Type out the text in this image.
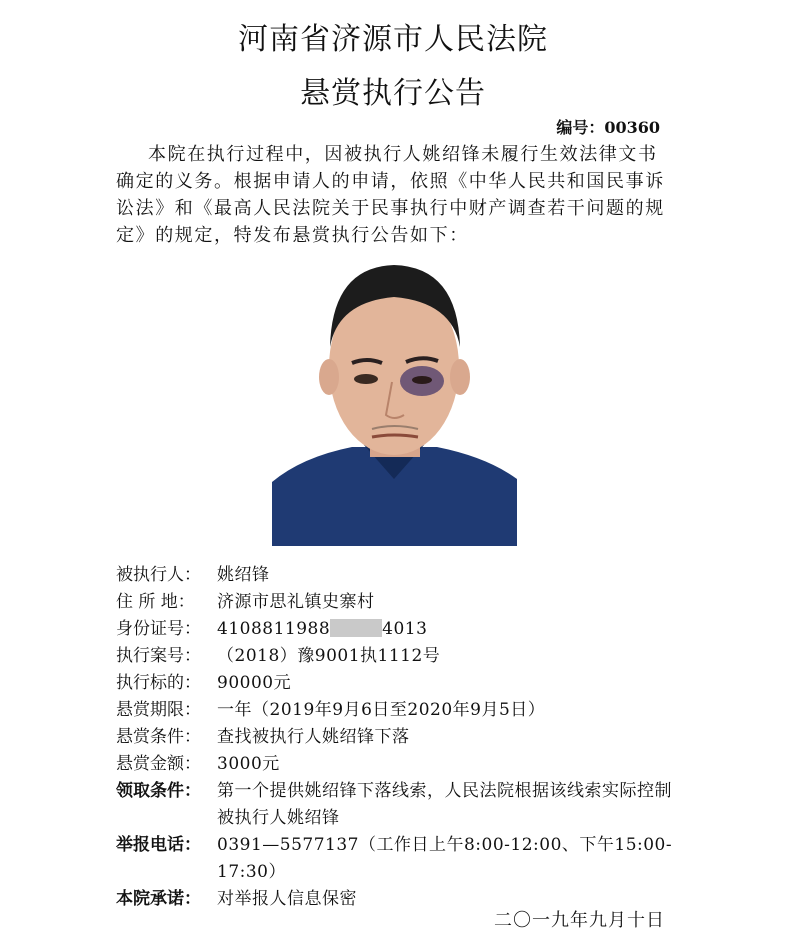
河南省济源市人民法院
悬赏执行公告
编号：00360

本院在执行过程中，因被执行人姚绍锋未履行生效法律文书确定的义务。根据申请人的申请，依照《中华人民共和国民事诉讼法》和《最高人民法院关于民事执行中财产调查若干问题的规定》的规定，特发布悬赏执行公告如下：

被执行人： 姚绍锋
住 所 地：	济源市思礼镇史寨村
身份证号： 4108811988	4013
执行案号： （2018）豫9001执1112号
执行标的： 90000元
悬赏期限： 一年（2019年9月6日至2020年9月5日）
悬赏条件： 查找被执行人姚绍锋下落
悬赏金额： 3000元
领取条件： 第一个提供姚绍锋下落线索，人民法院根据该线索实际控制被执行人姚绍锋
举报电话： 0391—5577137（工作日上午8:00-12:00、下午15:00-17:30）
本院承诺： 对举报人信息保密
二〇一九年九月十日
